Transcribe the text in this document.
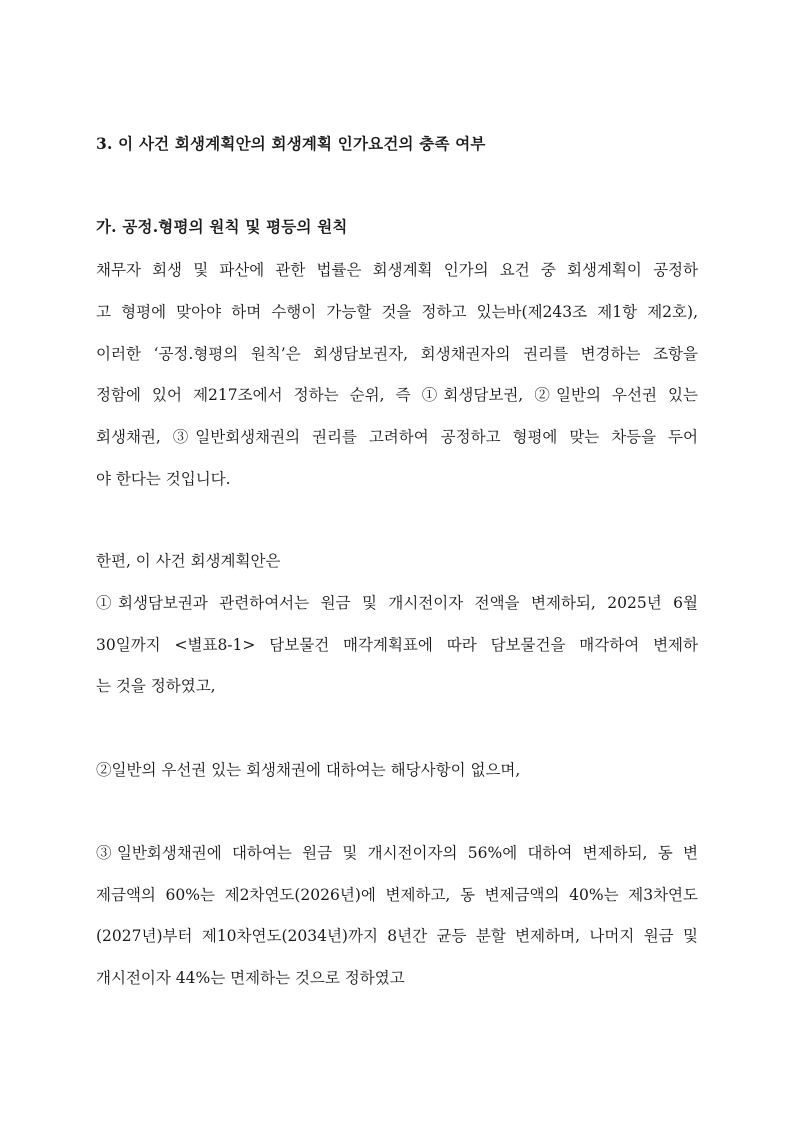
3. 이 사건 회생계획안의 회생계획 인가요건의 충족 여부
가. 공정.형평의 원칙 및 평등의 원칙
채무자 회생 및 파산에 관한 법률은 회생계획 인가의 요건 중 회생계획이 공정하
고 형평에 맞아야 하며 수행이 가능할 것을 정하고 있는바(제243조 제1항 제2호),
이러한 ‘공정.형평의 원칙’은 회생담보권자, 회생채권자의 권리를 변경하는 조항을
정함에 있어 제217조에서 정하는 순위, 즉 ①회생담보권, ②일반의 우선권 있는
회생채권, ③일반회생채권의 권리를 고려하여 공정하고 형평에 맞는 차등을 두어
야 한다는 것입니다.
한편, 이 사건 회생계획안은
①회생담보권과 관련하여서는 원금 및 개시전이자 전액을 변제하되, 2025년 6월
30일까지 <별표8-1> 담보물건 매각계획표에 따라 담보물건을 매각하여 변제하
는 것을 정하였고,
②일반의 우선권 있는 회생채권에 대하여는 해당사항이 없으며,
③일반회생채권에 대하여는 원금 및 개시전이자의 56%에 대하여 변제하되, 동 변
제금액의 60%는 제2차연도(2026년)에 변제하고, 동 변제금액의 40%는 제3차연도
(2027년)부터 제10차연도(2034년)까지 8년간 균등 분할 변제하며, 나머지 원금 및
개시전이자 44%는 면제하는 것으로 정하였고
